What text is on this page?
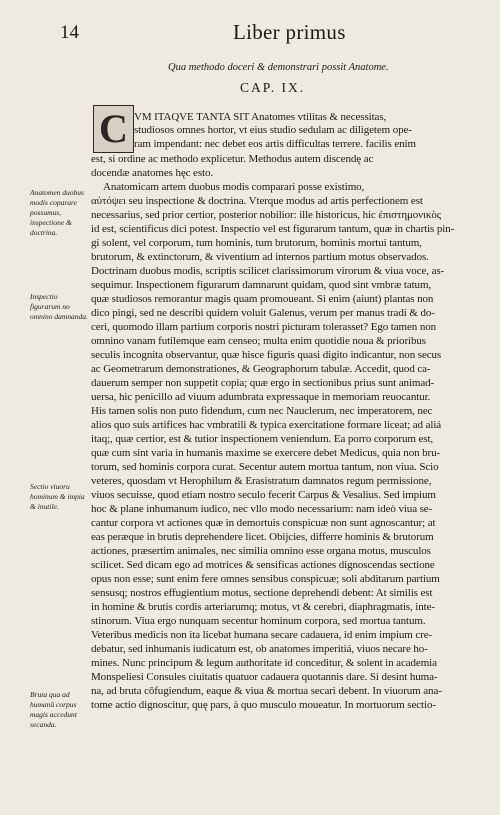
14	Liber primus
Qua methodo doceri & demonstrari possit Anatome.
CAP. IX.
C VM ITAQVE TANTA SIT Anatomes vtilitas & necessitas,
studiosos omnes hortor, vt eius studio sedulam ac diligetem ope-
ram impendant: nec debet eos artis difficultas terrere. facilis enim
est, si ordine ac methodo explicetur. Methodus autem discendę ac
docendæ anatomes hęc esto.
Anatomicam artem duobus modis comparari posse existimo,
αὐτόψει seu inspectione & doctrina. Vterque modus ad artis perfectionem est
necessarius, sed prior certior, posterior nobilior: ille historicus, hic ἐπιστημονικὸς
id est, scientificus dici potest. Inspectio vel est figurarum tantum, quæ in chartis pin-
gi solent, vel corporum, tum hominis, tum brutorum, hominis mortui tantum,
brutorum, & extinctorum, & viventium ad internos partium motus observados.
Doctrinam duobus modis, scriptis scilicet clarissimorum virorum & viua voce, as-
sequimur. Inspectionem figurarum damnarunt quidam, quod sint vmbræ tatum,
quæ studiosos remorantur magis quam promoueant. Si enim (aiunt) plantas non
dico pingi, sed ne describi quidem voluit Galenus, verum per manus tradi & do-
ceri, quomodo illam partium corporis nostri picturam tolerasset? Ego tamen non
omnino vanam futilemque eam censeo; multa enim quotidie noua & prioribus
seculis incognita observantur, quæ hisce figuris quasi digito indicantur, non secus
ac Geometrarum demonstrationes, & Geographorum tabulæ. Accedit, quod ca-
dauerum semper non suppetit copia; quæ ergo in sectionibus prius sunt animad-
uersa, hic penicillo ad viuum adumbrata expressaque in memoriam reuocantur.
His tamen solis non puto fidendum, cum nec Nauclerum, nec imperatorem, nec
alios quo suis artifices hac vmbratili & typica exercitatione formare liceat; ad aliá
itaq;, quæ certior, est & tutior inspectionem veniendum. Ea porro corporum est,
quæ cum sint varia in humanis maxime se exercere debet Medicus, quia non bru-
torum, sed hominis corpora curat. Secentur autem mortua tantum, non viua. Scio
veteres, quosdam vt Herophilum & Erasistratum damnatos regum permissione,
viuos secuisse, quod etiam nostro seculo fecerit Carpus & Vesalius. Sed impium
hoc & plane inhumanum iudico, nec vllo modo necessarium: nam ideò viua se-
cantur corpora vt actiones quæ in demortuis conspicuæ non sunt agnoscantur; at
eas peræque in brutis deprehendere licet. Obijcies, differre hominis & brutorum
actiones, præsertim animales, nec similia omnino esse organa motus, musculos
scilicet. Sed dicam ego ad motrices & sensificas actiones dignoscendas sectione
opus non esse; sunt enim fere omnes sensibus conspicuæ; soli abditarum partium
sensusq; nostros effugientium motus, sectione deprehendi debent: At similis est
in homine & brutis cordis arteriarumq; motus, vt & cerebri, diaphragmatis, inte-
stinorum. Viua ergo nunquam secentur hominum corpora, sed mortua tantum.
Veteribus medicis non ita licebat humana secare cadauera, id enim impium cre-
debatur, sed inhumanis iudicatum est, ob anatomes imperitiá, viuos necare ho-
mines. Nunc principum & legum authoritate id conceditur, & solent in academia
Monspeliesi Consules ciuitatis quatuor cadauera quotannis dare. Si desint huma-
na, ad bruta cōfugiendum, eaque & viua & mortua secari debent. In viuorum ana-
tome actio dignoscitur, quę pars, à quo musculo moueatur. In mortuorum sectio-
Anatomen duobus modis coparare possumus, inspectione & doctrina.
Inspectio figurarum no omnino damnanda.
Sectio viuoru hominum & impia & inutile.
Bruta qua ad humanū corpus magis accedunt secanda.
